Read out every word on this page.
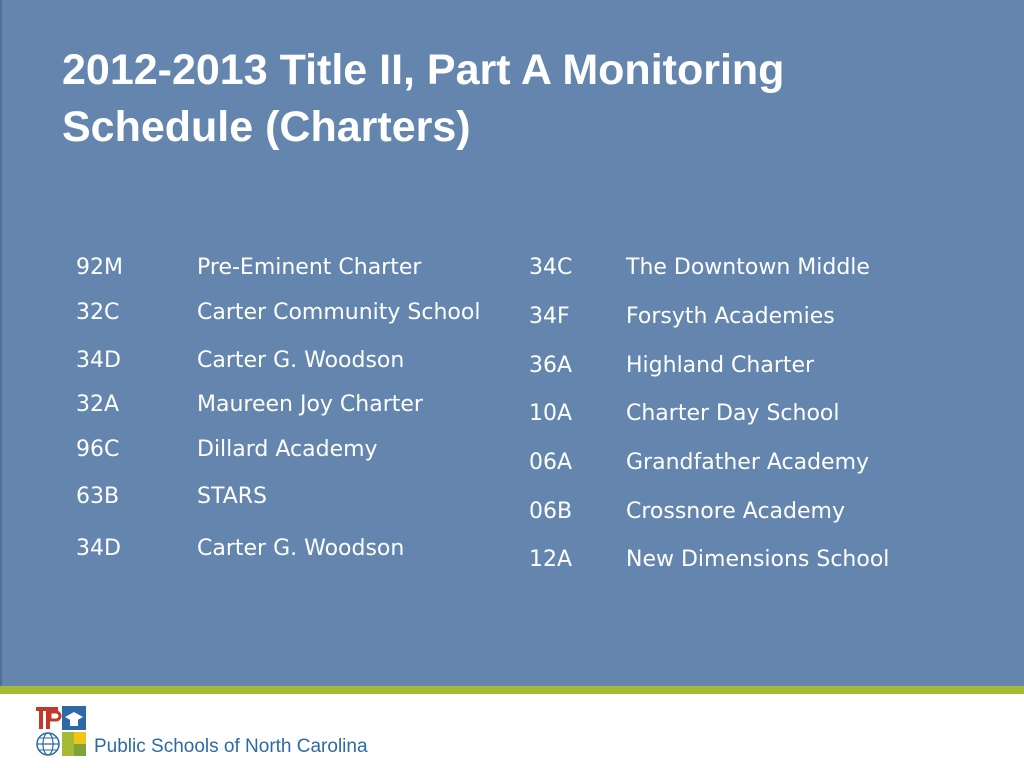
2012-2013 Title II, Part A Monitoring Schedule (Charters)
92M	Pre-Eminent Charter
32C	Carter Community School
34D	Carter G. Woodson
32A	Maureen Joy Charter
96C	Dillard Academy
63B	STARS
34D	Carter G. Woodson
34C The Downtown Middle
34F	Forsyth Academies
36A Highland Charter
10A Charter Day School
06A Grandfather Academy
06B Crossnore Academy
12A New Dimensions School
Public Schools of North Carolina
